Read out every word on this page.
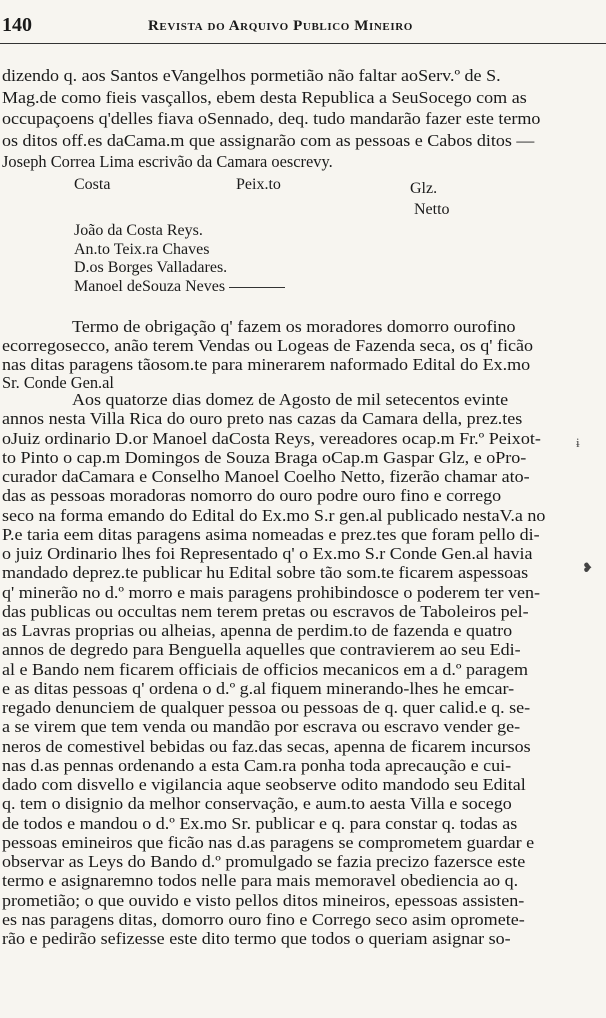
140	Revista do Arquivo Publico Mineiro
dizendo q. aos Santos eVangelhos pormetião não faltar aoServ.º de S.
Mag.de como fieis vasçallos, ebem desta Republica a SeuSocego com as
occupaçoens q'delles fiava oSennado, deq. tudo mandarão fazer este termo
os ditos off.es daCama.m que assignarão com as pessoas e Cabos ditos —
Joseph Correa Lima escrivão da Camara oescrevy.
Costa	Peix.to	Glz.
Netto
João da Costa Reys.
An.to Teix.ra Chaves
D.os Borges Valladares.
Manoel deSouza Neves
Termo de obrigação q' fazem os moradores domorro ourofino
ecorregosecco, anão terem Vendas ou Logeas de Fazenda seca, os q' ficão
nas ditas paragens tãosom.te para minerarem naformado Edital do Ex.mo
Sr. Conde Gen.al
Aos quatorze dias domez de Agosto de mil setecentos evinte
annos nesta Villa Rica do ouro preto nas cazas da Camara della, prez.tes
oJuiz ordinario D.or Manoel daCosta Reys, vereadores ocap.m Fr.º Peixot-
to Pinto o cap.m Domingos de Souza Braga oCap.m Gaspar Glz, e oPro-
curador daCamara e Conselho Manoel Coelho Netto, fizerão chamar ato-
das as pessoas moradoras nomorro do ouro podre ouro fino e corrego
seco na forma emando do Edital do Ex.mo S.r gen.al publicado nestaV.a no
P.e taria eem ditas paragens asima nomeadas e prez.tes que foram pello di-
o juiz Ordinario lhes foi Representado q' o Ex.mo S.r Conde Gen.al havia
mandado deprez.te publicar hu Edital sobre tão som.te ficarem aspessoas
q' minerão no d.º morro e mais paragens prohibindosce o poderem ter ven-
das publicas ou occultas nem terem pretas ou escravos de Taboleiros pel-
as Lavras proprias ou alheias, apenna de perdim.to de fazenda e quatro
annos de degredo para Benguella aquelles que contravierem ao seu Edi-
al e Bando nem ficarem officiais de officios mecanicos em a d.º paragem
e as ditas pessoas q' ordena o d.º g.al fiquem minerando-lhes he emcar-
regado denunciem de qualquer pessoa ou pessoas de q. quer calid.e q. se-
a se virem que tem venda ou mandão por escrava ou escravo vender ge-
neros de comestivel bebidas ou faz.das secas, apenna de ficarem incursos
nas d.as pennas ordenando a esta Cam.ra ponha toda aprecaução e cui-
dado com disvello e vigilancia aque seobserve odito mandodo seu Edital
q. tem o disignio da melhor conservação, e aum.to aesta Villa e socego
de todos e mandou o d.º Ex.mo Sr. publicar e q. para constar q. todas as
pessoas emineiros que ficão nas d.as paragens se comprometem guardar e
observar as Leys do Bando d.º promulgado se fazia precizo fazersce este
termo e asignaremno todos nelle para mais memoravel obediencia ao q.
prometião; o que ouvido e visto pellos ditos mineiros, epessoas assisten-
es nas paragens ditas, domorro ouro fino e Corrego seco asim opromete-
rão e pedirão sefizesse este dito termo que todos o queriam asignar so-
ɨ
❥
